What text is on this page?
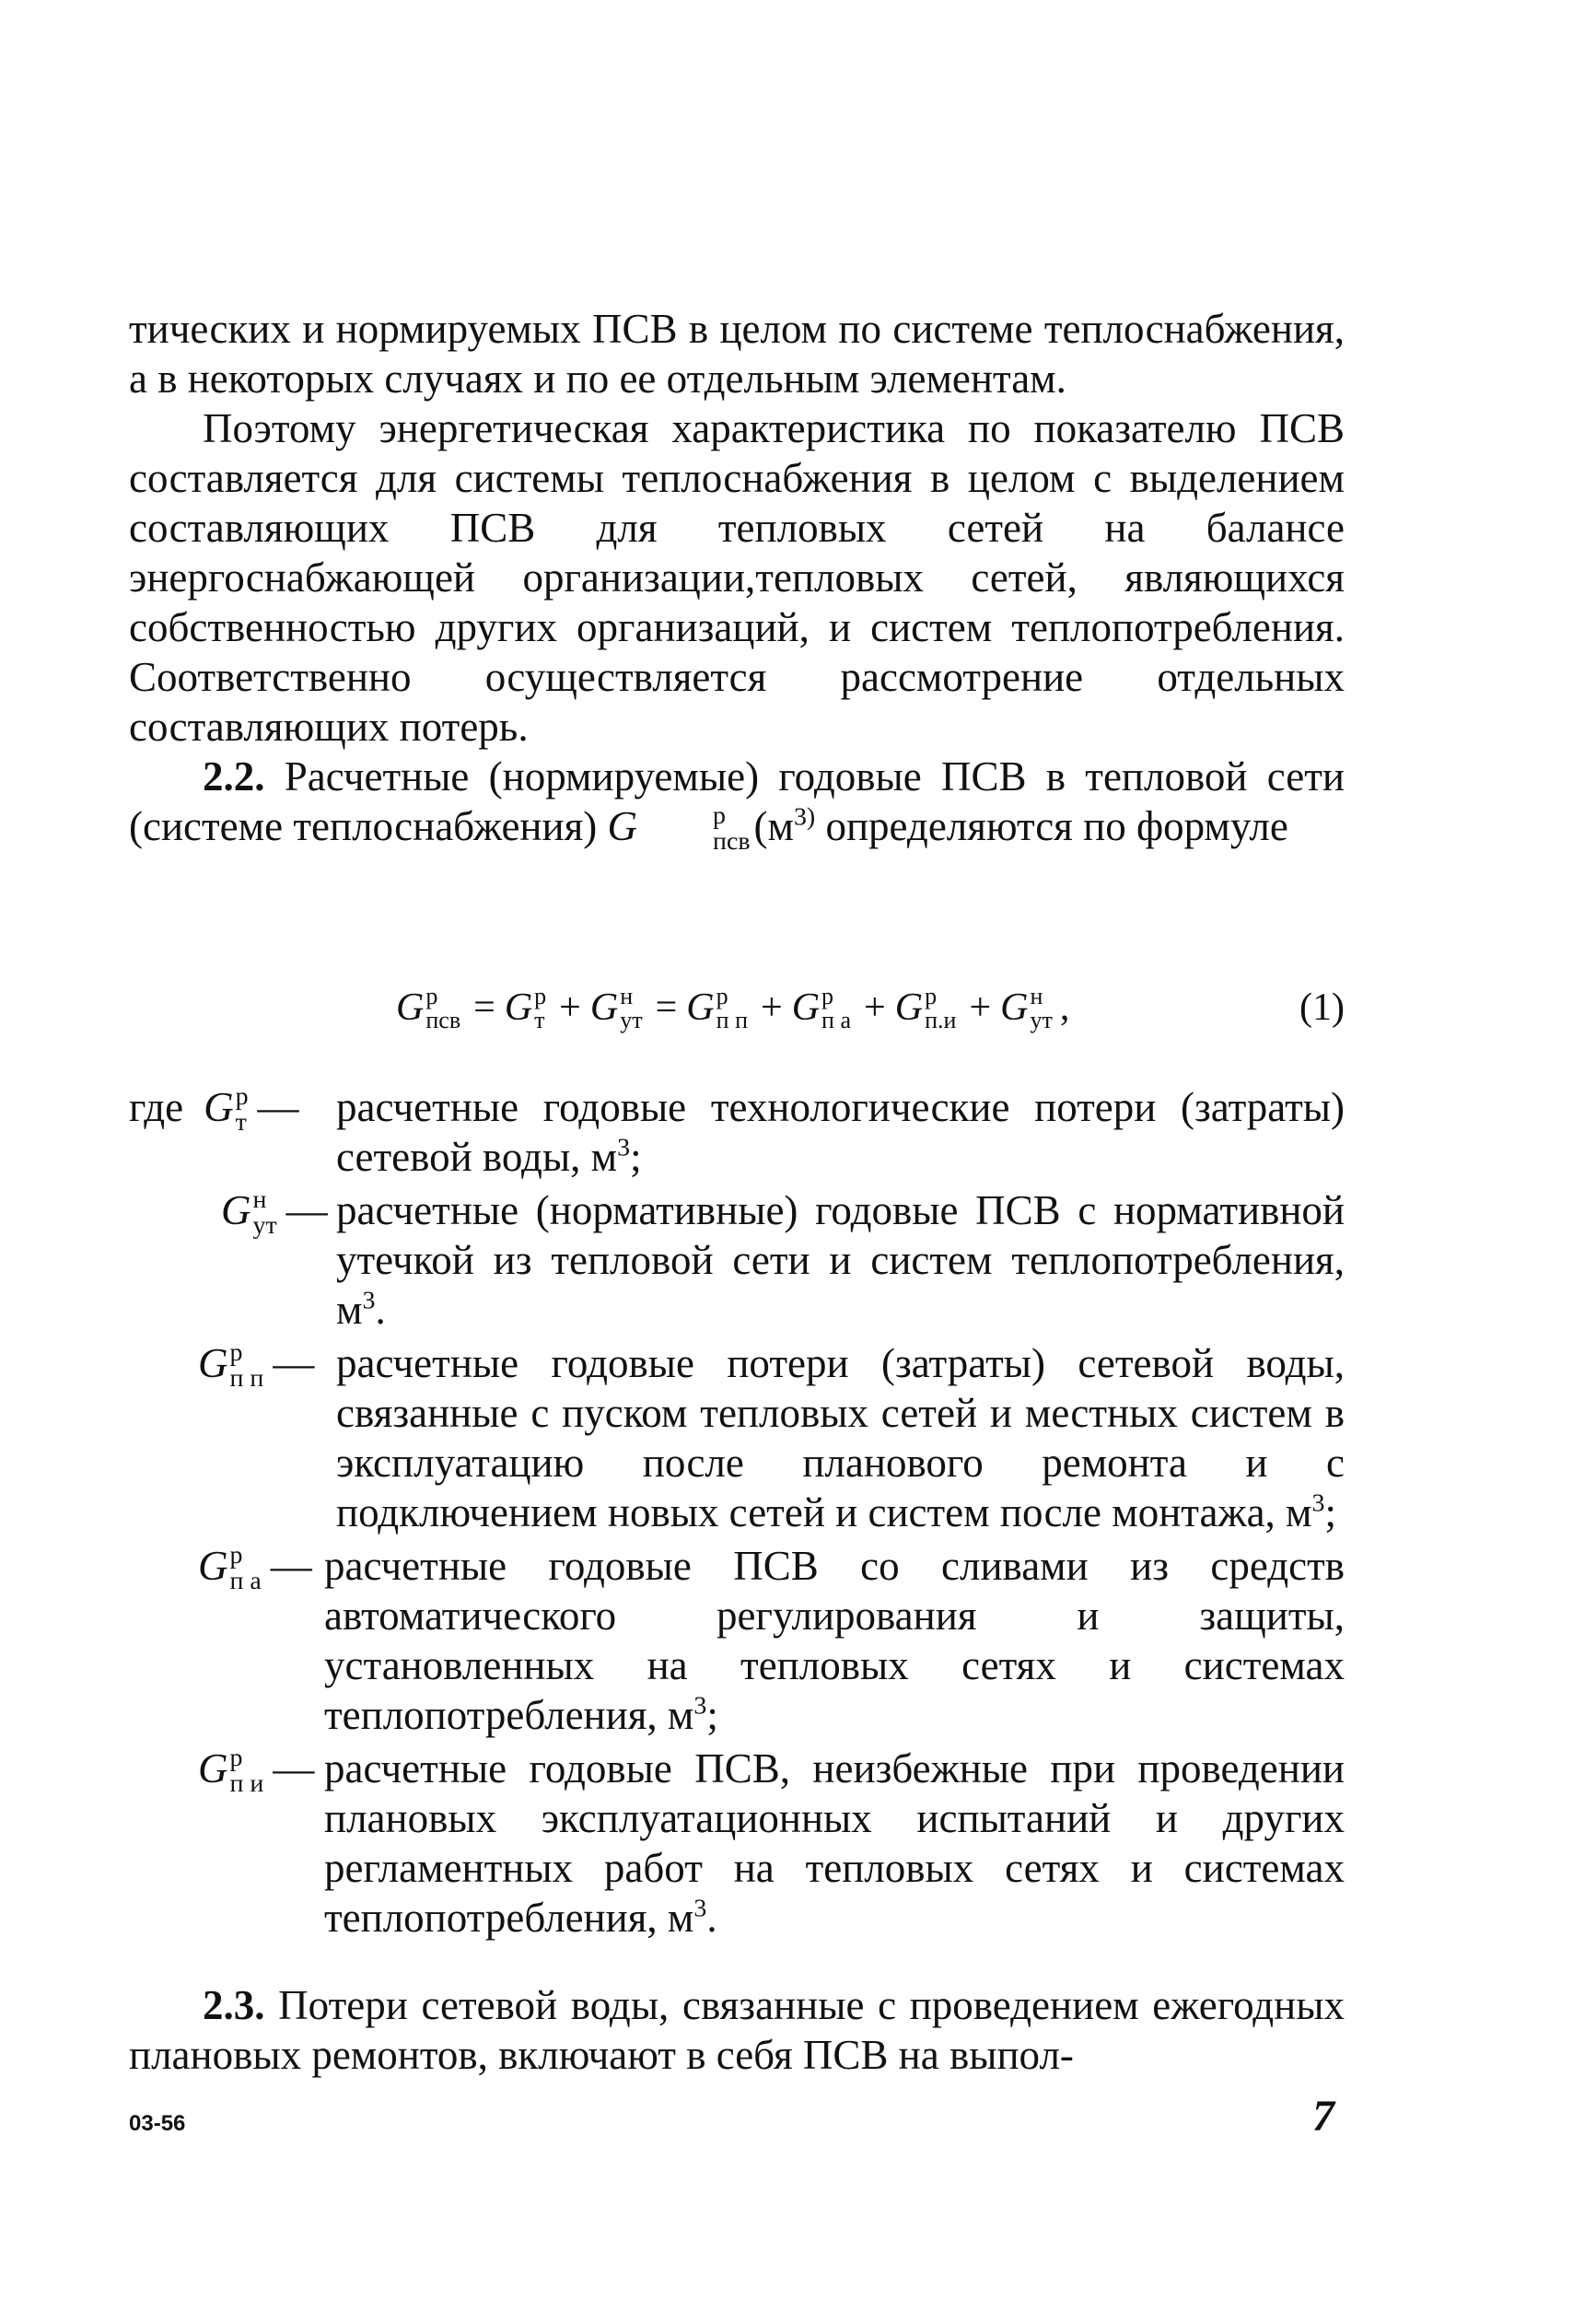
тических и нормируемых ПСВ в целом по системе теплоснабжения, а в некоторых случаях и по ее отдельным элементам.

Поэтому энергетическая характеристика по показателю ПСВ составляется для системы теплоснабжения в целом с выделением составляющих ПСВ для тепловых сетей на балансе энергоснабжающей организации,тепловых сетей, являющихся собственностью других организаций, и систем теплопотребления. Соответственно осуществляется рассмотрение отдельных составляющих потерь.

2.2. Расчетные (нормируемые) годовые ПСВ в тепловой сети (системе теплоснабжения) G	р
псв ($м^{3)}$ определяются по формуле

G р
псв = G р
т + G н
ут = G р
п п + G р
п а + G р
п.и + G н
ут ,	(1)
где G р
т — расчетные годовые технологические потери (затраты) сетевой воды, $м^3$;

G н
ут — расчетные (нормативные) годовые ПСВ с нормативной утечкой из тепловой сети и систем теплопотребления, $м^3$.

G р
п п — расчетные годовые потери (затраты) сетевой воды, связанные с пуском тепловых сетей и местных систем в эксплуатацию после планового ремонта и с подключением новых сетей и систем после монтажа, $м^3$;

G р
п а — расчетные годовые ПСВ со сливами из средств автоматического регулирования и защиты, установленных на тепловых сетях и системах теплопотребления, $м^3$;

G р
п и — расчетные годовые ПСВ, неизбежные при проведении плановых эксплуатационных испытаний и других регламентных работ на тепловых сетях и системах теплопотребления, $м^3$.

2.3. Потери сетевой воды, связанные с проведением ежегодных плановых ремонтов, включают в себя ПСВ на выпол-

03-56	7
